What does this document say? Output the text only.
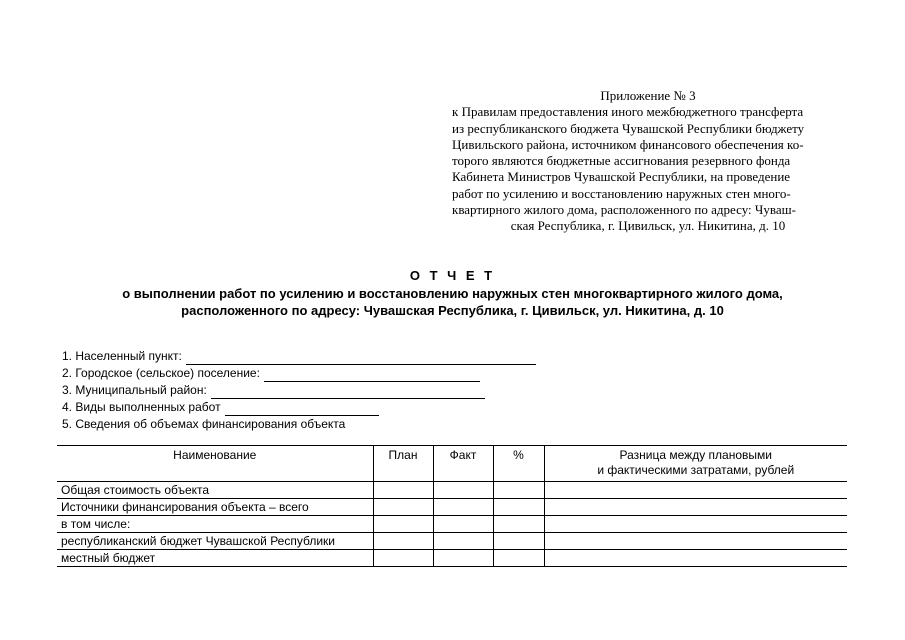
Приложение № 3

к Правилам предоставления иного межбюджетного трансферта

из республиканского бюджета Чувашской Республики бюджету

Цивильского района, источником финансового обеспечения ко-

торого являются бюджетные ассигнования резервного фонда

Кабинета Министров Чувашской Республики, на проведение

работ по усилению и восстановлению наружных стен много-

квартирного жилого дома, расположенного по адресу: Чуваш-

ская Республика, г. Цивильск, ул. Никитина, д. 10
О Т Ч Е Т
о выполнении работ по усилению и восстановлению наружных стен многоквартирного жилого дома,
расположенного по адресу: Чувашская Республика, г. Цивильск, ул. Никитина, д. 10
1. Населенный пункт:
2. Городское (сельское) поселение:
3. Муниципальный район:
4. Виды выполненных работ
5. Сведения об объемах финансирования объекта
Наименование	План	Факт	%	Разница между плановыми
и фактическими затратами, рублей
Общая стоимость объекта				
Источники финансирования объекта – всего				
в том числе:				
республиканский бюджет Чувашской Республики				
местный бюджет				
